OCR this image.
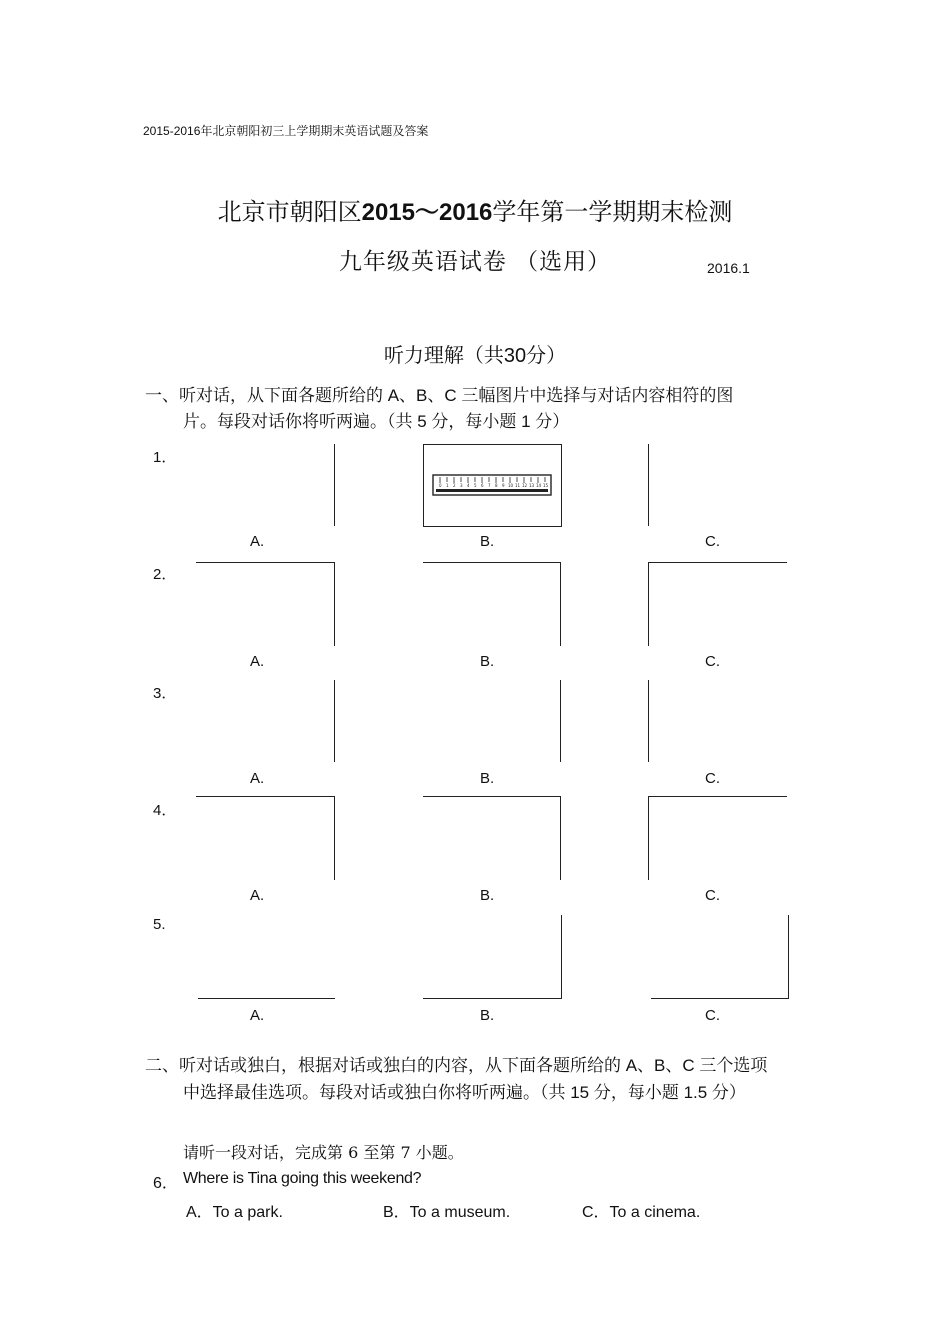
2015-2016年北京朝阳初三上学期期末英语试题及答案
北京市朝阳区2015～2016学年第一学期期末检测
九年级英语试卷 （选用）	2016.1
听力理解（共30分）
一、听对话，从下面各题所给的 A、B、C 三幅图片中选择与对话内容相符的图
片。每段对话你将听两遍。（共 5 分，每小题 1 分）
1．
0 1 2 3 4 5 6 7 8 9 10 11 12 13 14 15
A.	B.	C.
2．
A.	B.	C.
3．
A.	B.	C.
4．
A.	B.	C.
5.
A.	B.	C.
二、听对话或独白，根据对话或独白的内容，从下面各题所给的 A、B、C 三个选项
中选择最佳选项。每段对话或独白你将听两遍。（共 15 分，每小题 1.5 分）
请听一段对话，完成第 6 至第 7 小题。
6． Where is Tina going this weekend?
A．To a park.	B．To a museum.	C．To a cinema.
